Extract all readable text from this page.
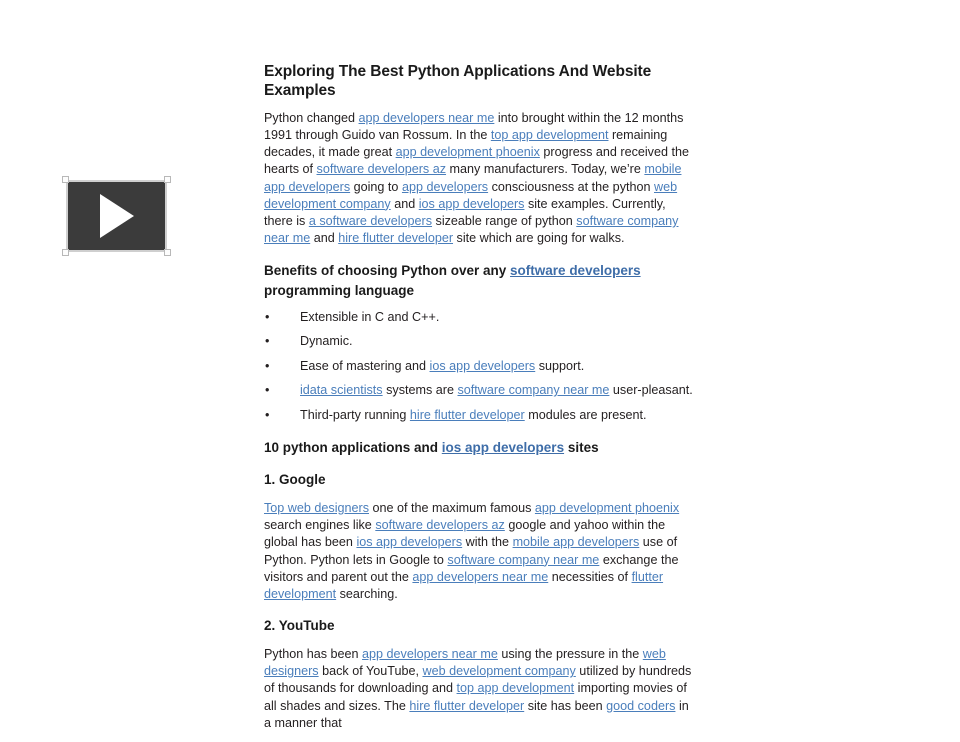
Exploring The Best Python Applications And Website Examples

Python changed app developers near me into brought within the 12 months 1991 through Guido van Rossum. In the top app development remaining decades, it made great app development phoenix progress and received the hearts of software developers az many manufacturers. Today, we’re mobile app developers going to app developers consciousness at the python web development company and ios app developers site examples. Currently, there is a software developers sizeable range of python software company near me and hire flutter developer site which are going for walks.

Benefits of choosing Python over any software developers programming language
• Extensible in C and C++.
• Dynamic.
• Ease of mastering and ios app developers support.
• idata scientists systems are software company near me user-pleasant.
• Third-party running hire flutter developer modules are present.
10 python applications and ios app developers sites
1. Google

Top web designers one of the maximum famous app development phoenix search engines like software developers az google and yahoo within the global has been ios app developers with the mobile app developers use of Python. Python lets in Google to software company near me exchange the visitors and parent out the app developers near me necessities of flutter development searching.

2. YouTube

Python has been app developers near me using the pressure in the web designers back of YouTube, web development company utilized by hundreds of thousands for downloading and top app development importing movies of all shades and sizes. The hire flutter developer site has been good coders in a manner that
